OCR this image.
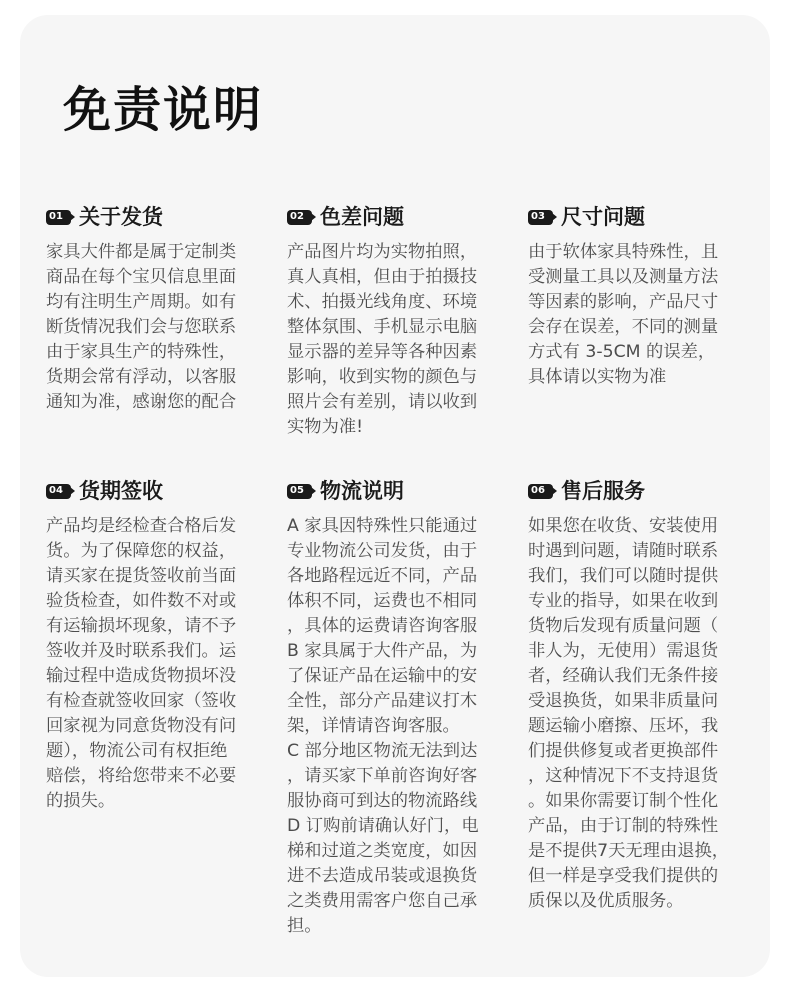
免责说明
01 关于发货

家具大件都是属于定制类
商品在每个宝贝信息里面
均有注明生产周期。如有
断货情况我们会与您联系
由于家具生产的特殊性，
货期会常有浮动，以客服
通知为准，感谢您的配合

02 色差问题

产品图片均为实物拍照，
真人真相，但由于拍摄技
术、拍摄光线角度、环境
整体氛围、手机显示电脑
显示器的差异等各种因素
影响，收到实物的颜色与
照片会有差别，请以收到
实物为准!

03 尺寸问题

由于软体家具特殊性，且
受测量工具以及测量方法
等因素的影响，产品尺寸
会存在误差，不同的测量
方式有 3-5CM 的误差，
具体请以实物为准

04 货期签收

产品均是经检查合格后发
货。为了保障您的权益，
请买家在提货签收前当面
验货检查，如件数不对或
有运输损坏现象，请不予
签收并及时联系我们。运
输过程中造成货物损坏没
有检查就签收回家（签收
回家视为同意货物没有问
题），物流公司有权拒绝
赔偿，将给您带来不必要
的损失。

05 物流说明

A 家具因特殊性只能通过
专业物流公司发货，由于
各地路程远近不同，产品
体积不同，运费也不相同
，具体的运费请咨询客服
B 家具属于大件产品，为
了保证产品在运输中的安
全性，部分产品建议打木
架，详情请咨询客服。
C 部分地区物流无法到达
，请买家下单前咨询好客
服协商可到达的物流路线
D 订购前请确认好门，电
梯和过道之类宽度，如因
进不去造成吊装或退换货
之类费用需客户您自己承
担。

06 售后服务

如果您在收货、安装使用
时遇到问题，请随时联系
我们，我们可以随时提供
专业的指导，如果在收到
货物后发现有质量问题（
非人为，无使用）需退货
者，经确认我们无条件接
受退换货，如果非质量问
题运输小磨擦、压坏，我
们提供修复或者更换部件
，这种情况下不支持退货
。如果你需要订制个性化
产品，由于订制的特殊性
是不提供7天无理由退换，
但一样是享受我们提供的
质保以及优质服务。
